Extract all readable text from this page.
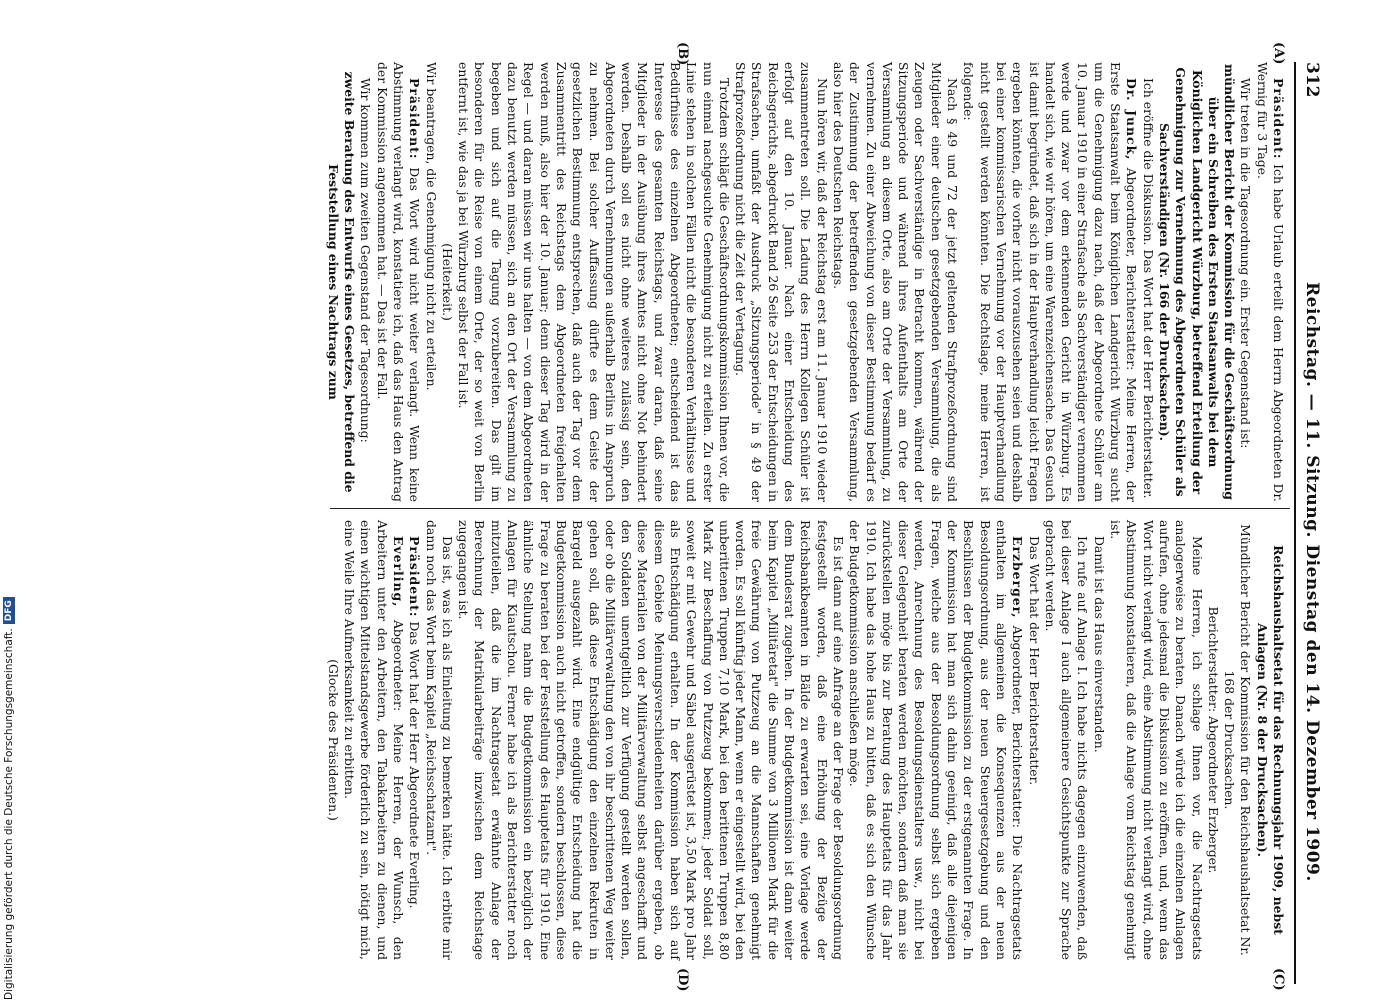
312
Reichstag. — 11. Sitzung. Dienstag den 14. Dezember 1909.
(A)
(B)
(C)
(D)

Präsident: Ich habe Urlaub erteilt dem Herrn Abgeordneten Dr. Wernig für 3 Tage.

Wir treten in die Tagesordnung ein. Erster Gegenstand ist:

mündlicher Bericht der Kommission für die Geschäftsordnung über ein Schreiben des Ersten Staatsanwalts bei dem Königlichen Landgericht Würzburg, betreffend Erteilung der Genehmigung zur Vernehmung des Abgeordneten Schüler als Sachverständigen (Nr. 166 der Drucksachen).

Ich eröffne die Diskussion. Das Wort hat der Herr Berichterstatter.

Dr. Junck, Abgeordneter, Berichterstatter: Meine Herren, der Erste Staatsanwalt beim Königlichen Landgericht Würzburg sucht um die Genehmigung dazu nach, daß der Abgeordnete Schüler am 10. Januar 1910 in einer Strafsache als Sachverständiger vernommen werde und zwar vor dem erkennenden Gericht in Würzburg. Es handelt sich, wie wir hören, um eine Warenzeichensache. Das Gesuch ist damit begründet, daß sich in der Hauptverhandlung leicht Fragen ergeben könnten, die vorher nicht vorauszusehen seien und deshalb bei einer kommissarischen Vernehmung vor der Hauptverhandlung nicht gestellt werden könnten. Die Rechtslage, meine Herren, ist folgende:

Nach § 49 und 72 der jetzt geltenden Strafprozeßordnung sind Mitglieder einer deutschen gesetzgebenden Versammlung, die als Zeugen oder Sachverständige in Betracht kommen, während der Sitzungsperiode und während ihres Aufenthalts am Orte der Versammlung an diesem Orte, also am Orte der Versammlung, zu vernehmen. Zu einer Abweichung von dieser Bestimmung bedarf es der Zustimmung der betreffenden gesetzgebenden Versammlung, also hier des Deutschen Reichstags.

Nun hören wir, daß der Reichstag erst am 11. Januar 1910 wieder zusammentreten soll. Die Ladung des Herrn Kollegen Schüler ist erfolgt auf den 10. Januar. Nach einer Entscheidung des Reichsgerichts, abgedruckt Band 26 Seite 253 der Entscheidungen in Strafsachen, umfaßt der Ausdruck „Sitzungsperiode" in § 49 der Strafprozeßordnung nicht die Zeit der Vertagung.

Trotzdem schlägt die Geschäftsordnungskommission Ihnen vor, die nun einmal nachgesuchte Genehmigung nicht zu erteilen. Zu erster Linie stehen in solchen Fällen nicht die besonderen Verhältnisse und Bedürfnisse des einzelnen Abgeordneten; entscheidend ist das Interesse des gesamten Reichstags, und zwar daran, daß seine Mitglieder in der Ausübung ihres Amtes nicht ohne Not behindert werden. Deshalb soll es nicht ohne weiteres zulässig sein, den Abgeordneten durch Vernehmungen außerhalb Berlins in Anspruch zu nehmen. Bei solcher Auffassung dürfte es dem Geiste der gesetzlichen Bestimmung entsprechen, daß auch der Tag vor dem Zusammentritt des Reichstags dem Abgeordneten freigehalten werden muß, also hier der 10. Januar; denn dieser Tag wird in der Regel — und daran müssen wir uns halten — von dem Abgeordneten dazu benutzt werden müssen, sich an den Ort der Versammlung zu begeben und sich auf die Tagung vorzubereiten. Das gilt im besonderen für die Reise von einem Orte, der so weit von Berlin entfernt ist, wie das ja bei Würzburg selbst der Fall ist.

(Heiterkeit.)

Wir beantragen, die Genehmigung nicht zu erteilen.

Präsident: Das Wort wird nicht weiter verlangt. Wenn keine Abstimmung verlangt wird, konstatiere ich, daß das Haus den Antrag der Kommission angenommen hat. — Das ist der Fall.

Wir kommen zum zweiten Gegenstand der Tagesordnung:

zweite Beratung des Entwurfs eines Gesetzes, betreffend die Feststellung eines Nachtrags zum

Reichshaushaltsetat für das Rechnungsjahr 1909, nebst Anlagen (Nr. 8 der Drucksachen).

Mündlicher Bericht der Kommission für den Reichshaushaltsetat Nr. 168 der Drucksachen.

Berichterstatter: Abgeordneter Erzberger.

Meine Herren, ich schlage Ihnen vor, die Nachtragsetats analogerweise zu beraten. Danach würde ich die einzelnen Anlagen aufrufen, ohne jedesmal die Diskussion zu eröffnen, und, wenn das Wort nicht verlangt wird, eine Abstimmung nicht verlangt wird, ohne Abstimmung konstatieren, daß die Anlage vom Reichstag genehmigt ist.

Damit ist das Haus einverstanden.

Ich rufe auf Anlage I. Ich habe nichts dagegen einzuwenden, daß bei dieser Anlage I auch allgemeinere Gesichtspunkte zur Sprache gebracht werden.

Das Wort hat der Herr Berichterstatter.

Erzberger, Abgeordneter, Berichterstatter: Die Nachtragsetats enthalten im allgemeinen die Konsequenzen aus der neuen Besoldungsordnung, aus der neuen Steuergesetzgebung und den Beschlüssen der Budgetkommission zu der erstgenannten Frage. In der Kommission hat man sich dahin geeinigt, daß alle diejenigen Fragen, welche aus der Besoldungsordnung selbst sich ergeben werden, Anrechnung des Besoldungsdienstalters usw., nicht bei dieser Gelegenheit beraten werden möchten, sondern daß man sie zurückstellen möge bis zur Beratung des Hauptetats für das Jahr 1910. Ich habe das hohe Haus zu bitten, daß es sich den Wünsche der Budgetkommission anschließen möge.

Es ist dann auf eine Anfrage an der Frage der Besoldungsordnung festgestellt worden, daß eine Erhöhung der Bezüge der Reichsbankbeamten in Bälde zu erwarten sei, eine Vorlage werde dem Bundesrat zugehen. In der Budgetkommission ist dann weiter beim Kapitel „Militäretat" die Summe von 3 Millionen Mark für die freie Gewährung von Putzzeug an die Mannschaften genehmigt worden. Es soll künftig jeder Mann, wenn er eingestellt wird, bei den unberittenen Truppen 7,10 Mark, bei den berittenen Truppen 8,80 Mark zur Beschaffung von Putzzeug bekommen; jeder Soldat soll, soweit er mit Gewehr und Säbel ausgerüstet ist, 3,50 Mark pro Jahr als Entschädigung erhalten. In der Kommission haben sich auf diesem Gebiete Meinungsverschiedenheiten darüber ergeben, ob diese Materialien von der Militärverwaltung selbst angeschafft und den Soldaten unentgeltlich zur Verfügung gestellt werden sollen, oder ob die Militärverwaltung den von ihr beschrittenen Weg weiter gehen soll, daß diese Entschädigung den einzelnen Rekruten in Bargeld ausgezahlt wird. Eine endgültige Entscheidung hat die Budgetkommission auch nicht getroffen, sondern beschlossen, diese Frage zu beraten bei der Feststellung des Hauptetats für 1910. Eine ähnliche Stellung nahm die Budgetkommission ein bezüglich der Anlagen für Kiautschou. Ferner habe ich als Berichterstatter noch mitzuteilen, daß die im Nachtragsetat erwähnte Anlage der Berechnung der Matrikularbeiträge inzwischen dem Reichstage zugegangen ist.

Das ist, was ich als Einleitung zu bemerken hätte. Ich erbitte mir dann noch das Wort beim Kapitel „Reichsschatzamt".

Präsident: Das Wort hat der Herr Abgeordnete Everling.

Everling, Abgeordneter: Meine Herren, der Wunsch, den Arbeitern unter den Arbeitern, den Tabakarbeitern zu dienen, und einen wichtigen Mittelstandsgewerbe förderlich zu sein, nötigt mich, eine Weile Ihre Aufmerksamkeit zu erbitten.

(Glocke des Präsidenten.)

Digitalisierung gefördert durch die Deutsche Forschungsgemeinschaft.
DFG
